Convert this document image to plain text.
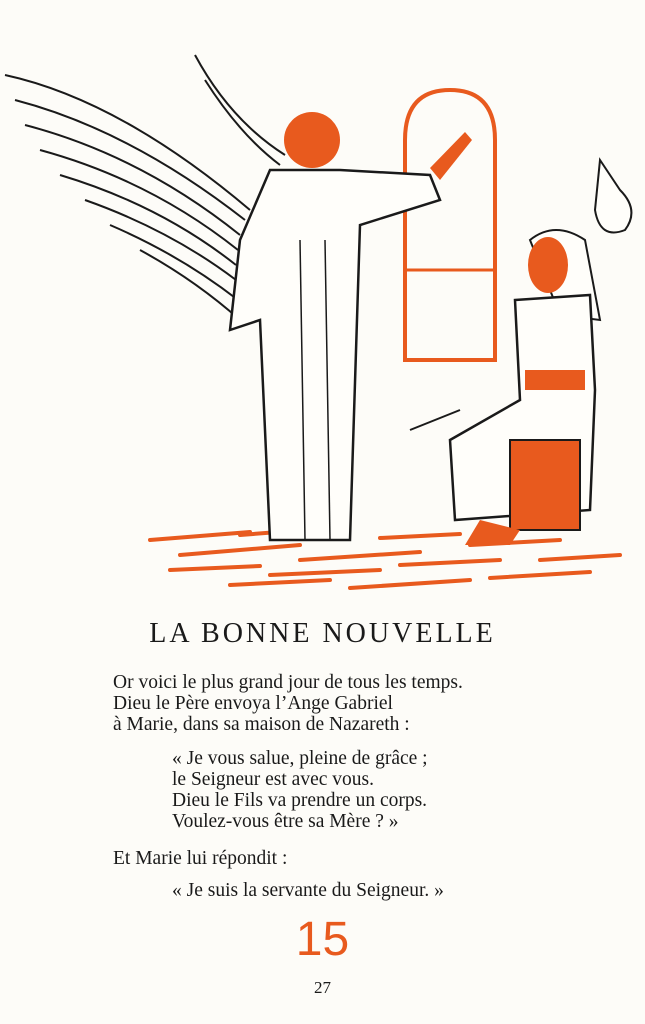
LA BONNE NOUVELLE
Or voici le plus grand jour de tous les temps.
Dieu le Père envoya l’Ange Gabriel
à Marie, dans sa maison de Nazareth :
« Je vous salue, pleine de grâce ;
le Seigneur est avec vous.
Dieu le Fils va prendre un corps.
Voulez-vous être sa Mère ? »
Et Marie lui répondit :
« Je suis la servante du Seigneur. »
15
27
